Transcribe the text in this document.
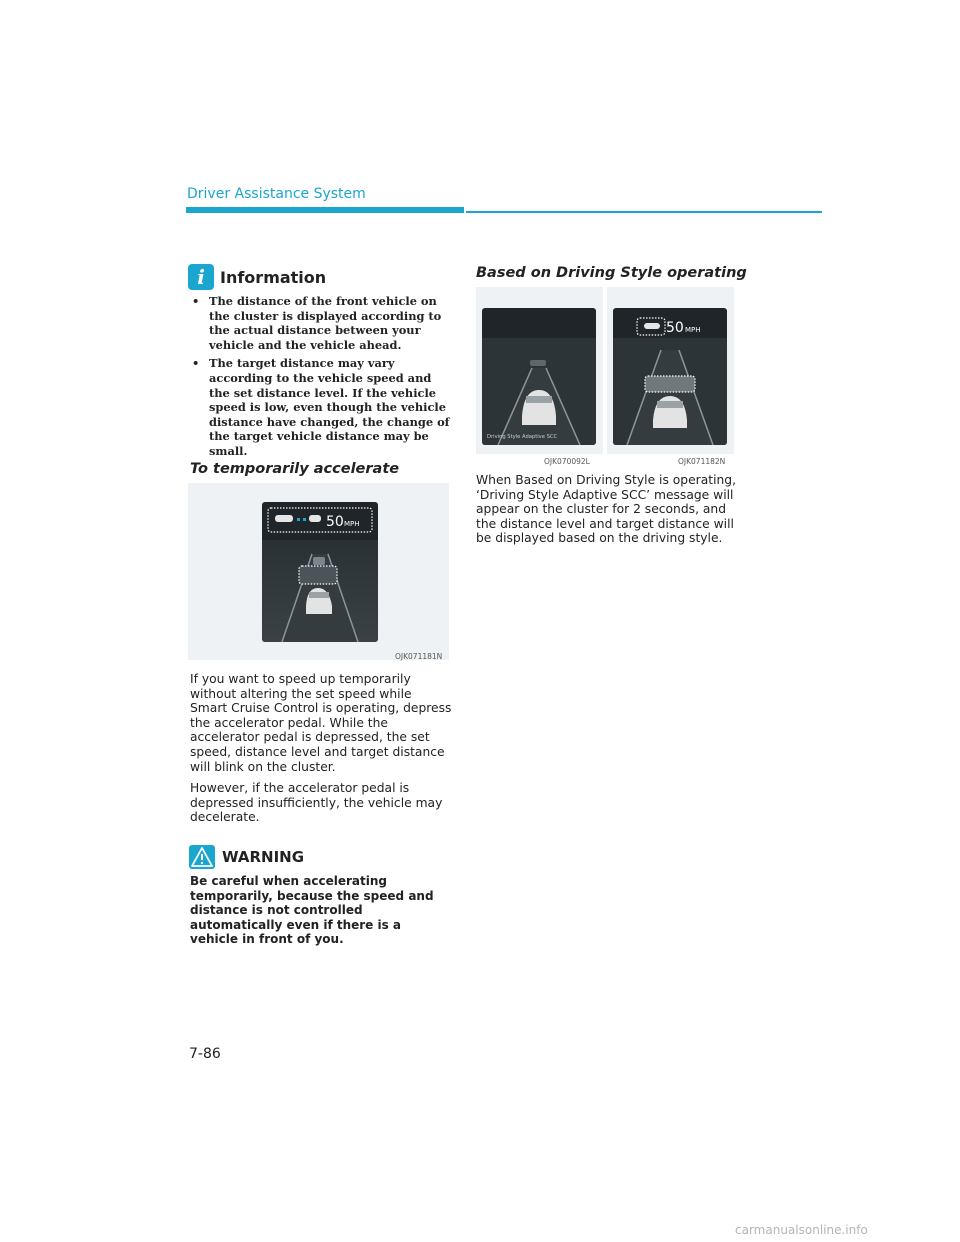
Driver Assistance System
i Information
• The distance of the front vehicle on the cluster is displayed according to the actual distance between your vehicle and the vehicle ahead.
• The target distance may vary according to the vehicle speed and the set distance level. If the vehicle speed is low, even though the vehicle distance have changed, the change of the target vehicle distance may be small.
To temporarily accelerate
50 MPH
OJK071181N

If you want to speed up temporarily without altering the set speed while Smart Cruise Control is operating, depress the accelerator pedal. While the accelerator pedal is depressed, the set speed, distance level and target distance will blink on the cluster.

However, if the accelerator pedal is depressed insufficiently, the vehicle may decelerate.

WARNING

Be careful when accelerating temporarily, because the speed and distance is not controlled automatically even if there is a vehicle in front of you.

Based on Driving Style operating
Driving Style Adaptive SCC
OJK070092L
50 MPH
OJK071182N

When Based on Driving Style is operating, ‘Driving Style Adaptive SCC’ message will appear on the cluster for 2 seconds, and the distance level and target distance will be displayed based on the driving style.

7-86
carmanualsonline.info
